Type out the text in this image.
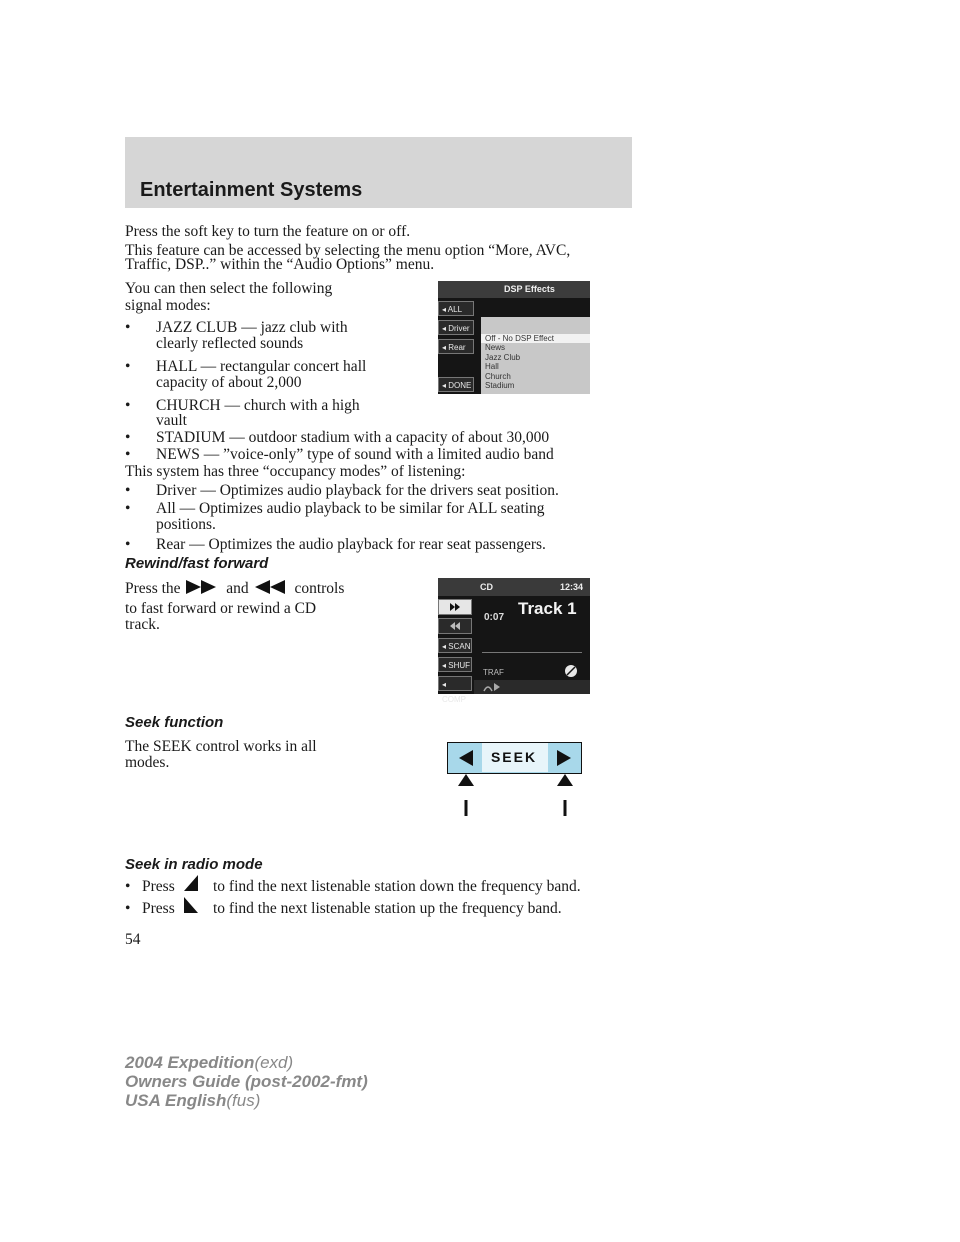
Entertainment Systems
Press the soft key to turn the feature on or off.
This feature can be accessed by selecting the menu option “More, AVC,
Traffic, DSP..” within the “Audio Options” menu.
You can then select the following
signal modes:
• JAZZ CLUB — jazz club with
clearly reflected sounds
• HALL — rectangular concert hall
capacity of about 2,000
• CHURCH — church with a high
vault
• STADIUM — outdoor stadium with a capacity of about 30,000
• NEWS — ”voice-only” type of sound with a limited audio band
This system has three “occupancy modes” of listening:
• Driver — Optimizes audio playback for the drivers seat position.
• All — Optimizes audio playback to be similar for ALL seating
positions.
• Rear — Optimizes the audio playback for rear seat passengers.
Rewind/fast forward
Press the	and	controls
to fast forward or rewind a CD
track.
Seek function
The SEEK control works in all
modes.
Seek in radio mode
• Press to find the next listenable station down the frequency band.
• Press to find the next listenable station up the frequency band.
54
2004 Expedition(exd)
Owners Guide (post-2002-fmt)
USA English(fus)
DSP Effects
◂ ALL
◂ Driver
◂ Rear
◂ DONE
Off - No DSP Effect
News
Jazz Club
Hall
Church
Stadium
CD	12:34
◂ SCAN
◂ SHUF
◂ COMP
Track 1
0:07
TRAF
SEEK
